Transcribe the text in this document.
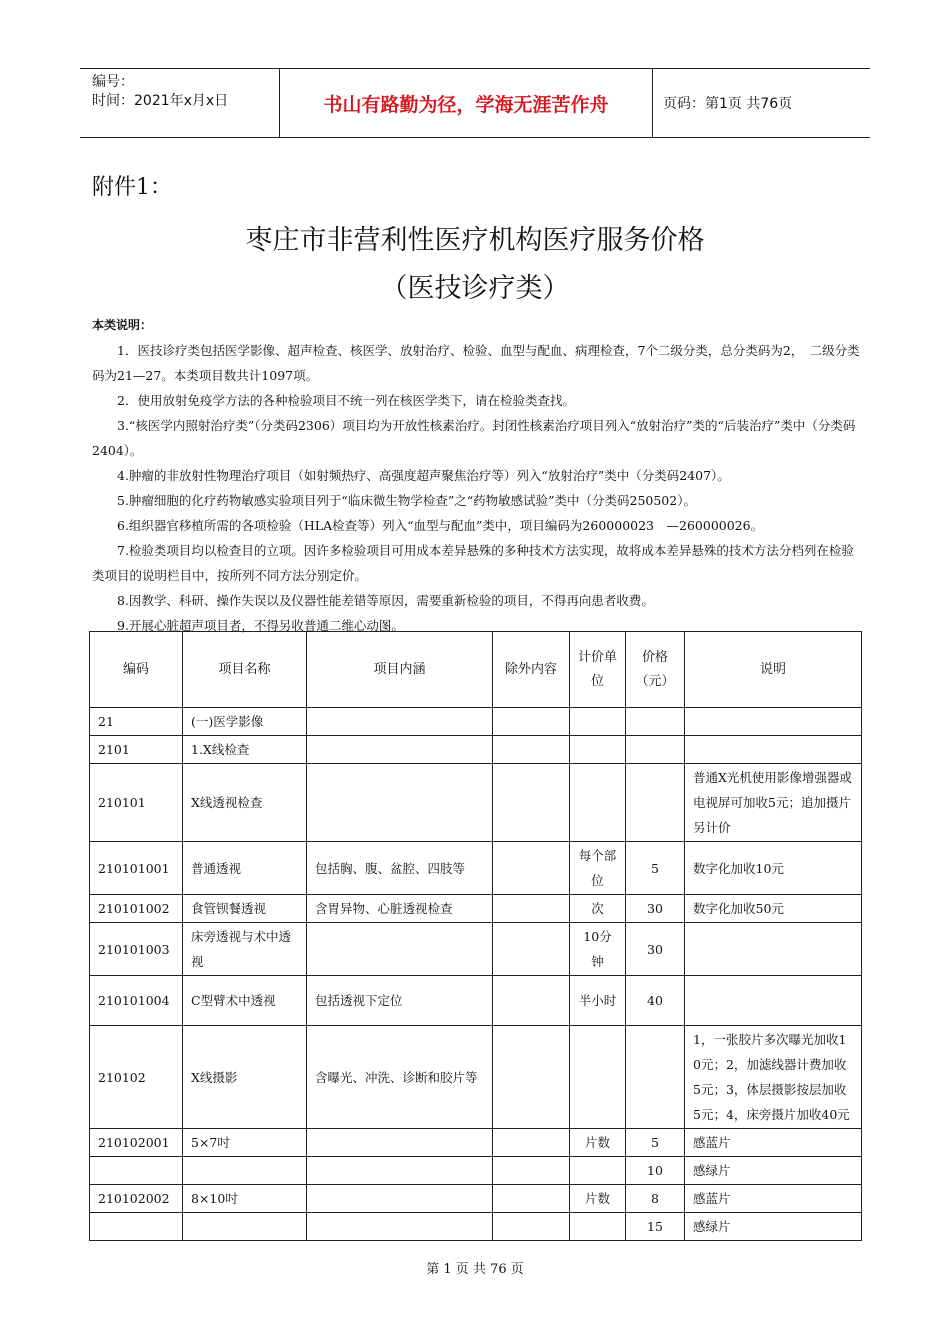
编号：
时间：2021年x月x日	书山有路勤为径，学海无涯苦作舟	页码：第1页 共76页
附件1：
枣庄市非营利性医疗机构医疗服务价格
（医技诊疗类）
本类说明：

1．医技诊疗类包括医学影像、超声检查、核医学、放射治疗、检验、血型与配血、病理检查，7个二级分类，总分类码为2，　二级分类码为21—27。本类项目数共计1097项。

2．使用放射免疫学方法的各种检验项目不统一列在核医学类下，请在检验类查找。

3.“核医学内照射治疗类”（分类码2306）项目均为开放性核素治疗。封闭性核素治疗项目列入“放射治疗”类的“后装治疗”类中（分类码2404）。

4.肿瘤的非放射性物理治疗项目（如射频热疗、高强度超声聚焦治疗等）列入“放射治疗”类中（分类码2407）。

5.肿瘤细胞的化疗药物敏感实验项目列于“临床微生物学检查”之“药物敏感试验”类中（分类码250502）。

6.组织器官移植所需的各项检验（HLA检查等）列入“血型与配血”类中，项目编码为260000023　—260000026。

7.检验类项目均以检查目的立项。因许多检验项目可用成本差异悬殊的多种技术方法实现，故将成本差异悬殊的技术方法分档列在检验类项目的说明栏目中，按所列不同方法分别定价。

8.因教学、科研、操作失误以及仪器性能差错等原因，需要重新检验的项目，不得再向患者收费。

9.开展心脏超声项目者，不得另收普通二维心动图。

编码	项目名称	项目内涵	除外内容	计价单位	价格（元）	说明
21	(一)医学影像					
2101	1.X线检查					
210101	X线透视检查					普通X光机使用影像增强器或电视屏可加收5元；追加摄片另计价
210101001	普通透视	包括胸、腹、盆腔、四肢等		每个部位	5	数字化加收10元
210101002	食管钡餐透视	含胃异物、心脏透视检查		次	30	数字化加收50元
210101003	床旁透视与术中透视			10分钟	30	
210101004	C型臂术中透视	包括透视下定位		半小时	40	
210102	X线摄影	含曝光、冲洗、诊断和胶片等				1，一张胶片多次曝光加收10元；2，加滤线器计费加收5元；3，体层摄影按层加收5元；4，床旁摄片加收40元
210102001	5×7吋			片数	5	感蓝片
					10	感绿片
210102002	8×10吋			片数	8	感蓝片
					15	感绿片
第 1 页 共 76 页
